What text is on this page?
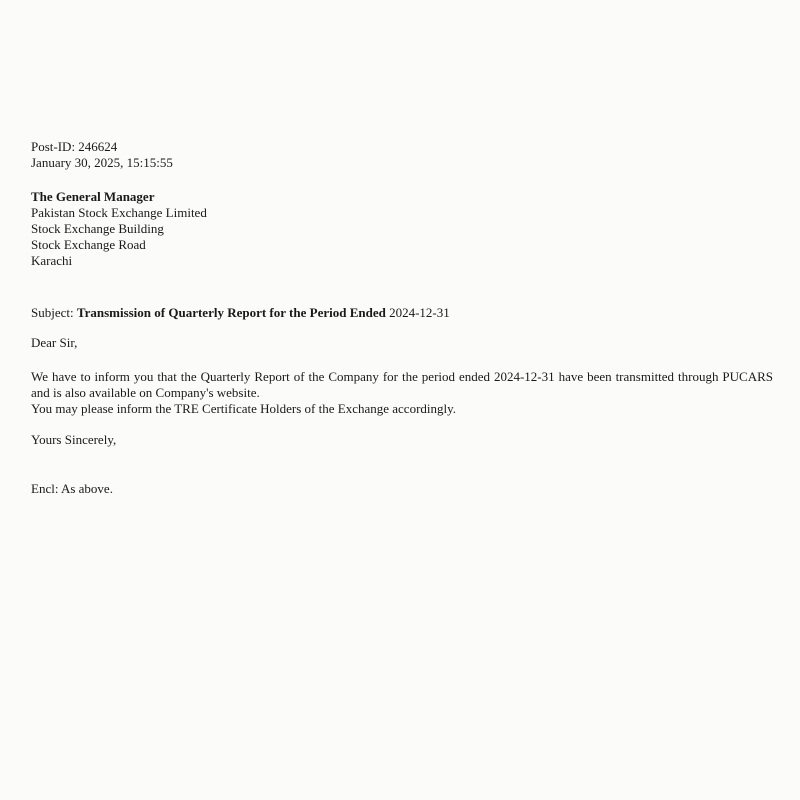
Post-ID: 246624
January 30, 2025, 15:15:55
The General Manager
Pakistan Stock Exchange Limited
Stock Exchange Building
Stock Exchange Road
Karachi
Subject: Transmission of Quarterly Report for the Period Ended 2024-12-31
Dear Sir,
We have to inform you that the Quarterly Report of the Company for the period ended 2024-12-31 have been transmitted through PUCARS and is also available on Company's website.
You may please inform the TRE Certificate Holders of the Exchange accordingly.
Yours Sincerely,
Encl: As above.
